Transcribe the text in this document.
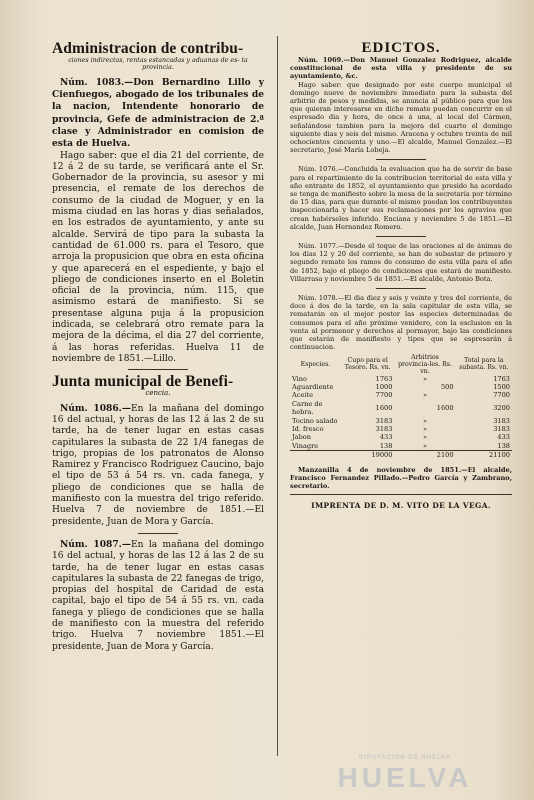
Administracion de contribu-
ciones indirectas, rentas estancadas y aduanas de es- ta provincia.

Núm. 1083.—Don Bernardino Lillo y Cienfuegos, abogado de los tribunales de la nacion, Intendente honorario de provincia, Gefe de administracion de 2.ª clase y Administrador en comision de esta de Huelva.

Hago saber: que el dia 21 del corriente, de 12 á 2 de su tarde, se verificará ante el Sr. Gobernador de la provincia, su asesor y mi presencia, el remate de los derechos de consumo de la ciudad de Moguer, y en la misma ciudad en las horas y dias señalados, en los estrados de ayuntamiento, y ante su alcalde. Servirá de tipo para la subasta la cantidad de 61.000 rs. para el Tesoro, que arroja la propusicion que obra en esta oficina y que aparecerá en el espediente, y bajo el pliego de condiciones inserto en el Boletin oficial de la provincia, núm. 115, que asimismo estará de manifiesto. Si se presentase alguna puja á la propusicion indicada, se celebrará otro remate para la mejora de la décima, el dia 27 del corriente, á las horas referidas. Huelva 11 de noviembre de 1851.—Lillo.

Junta municipal de Benefi-
cencia.

Núm. 1086.—En la mañana del domingo 16 del actual, y horas de las 12 á las 2 de su tarde, ha de tener lugar en estas casas capitulares la subasta de 22 1/4 fanegas de trigo, propias de los patronatos de Alonso Ramirez y Francisco Rodriguez Caucino, bajo el tipo de 53 á 54 rs. vn. cada fanega, y pliego de condiciones que se halla de manifiesto con la muestra del trigo referido. Huelva 7 de noviembre de 1851.—El presidente, Juan de Mora y García.

Núm. 1087.—En la mañana del domingo 16 del actual, y horas de las 12 á las 2 de su tarde, ha de tener lugar en estas casas capitulares la subasta de 22 fanegas de trigo, propias del hospital de Caridad de esta capital, bajo el tipo de 54 á 55 rs. vn. cada fanega y pliego de condiciones que se halla de manifiesto con la muestra del referido trigo. Huelva 7 noviembre 1851.—El presidente, Juan de Mora y García.

EDICTOS.

Núm. 1069.—Don Manuel Gonzalez Rodriguez, alcalde constitucional de esta villa y presidente de su ayuntamiento, &c.

Hago saber: que designado por este cuerpo municipal el domingo nueve de noviembre inmediato para la subasta del arbitrio de pesos y medidas, se anuncia al público para que los que quieran interesarse en dicho remate puedan concurrir en el espresado dia y hora, de once á una, al local del Cármen, señalándose tambien para la mejora del cuarto el domingo siguiente dias y seis del mismo. Aracena y octubre treinta de mil ochocientos cincuenta y uno.—El alcalde, Manuel Gonzalez.—El secretario, José María Lobeja.

Núm. 1076.—Concluida la evaluacion que ha de servir de base para el repartimiento de la contribucion territorial de esta villa y año entrante de 1852, el ayuntamiento que presido ha acordado se tenga de manifiesto sobre la mesa de la secretaría por término de 15 dias, para que durante el mismo puedan los contribuyentes inspeccionarla y hacer sus reclamaciones por los agravios que crean habérseles inferido. Enciana y noviembre 5 de 1851.—El alcalde, Juan Hernandez Romero.

Núm. 1077.—Desde el toque de las oraciones al de ánimas de los dias 12 y 20 del corriente, se han de subastar de primero y segundo remate los ramos de consumo de esta villa para el año de 1852, bajo el pliego de condiciones que estará de manifiesto. Villarrasa y noviembre 5 de 1851.—El alcalde, Antonio Bota.

Núm. 1078.—El dia diez y seis y veinte y tres del corriente, de doce á dos de la tarde, en la sala capitular de esta villa, se rematarán en el mejor postor las especies determinadas de consumos para el año próximo venidero, con la esclusion en la venta al pormenor y derechos al pormayor, bajo las condiciones que estarán de manifiesto y tipos que se espresarán á continuacion.

Especies.	Cupo para el Tesoro. Rs. vn.	Arbitrios provincia-les. Rs. vn.	Total para la subasta. Rs. vn.
Vino	1763	»	1763
Aguardiente	1000	500	1500
Aceite	7700	»	7700
Carne de hebra.	1600	1600	3200
Tocino salado	3183	»	3183
Id. fresco	3183	»	3183
Jabon	433	»	433
Vinagre	138	»	138
	19000	2100	21100

Manzanilla 4 de noviembre de 1851.—El alcalde, Francisco Fernandez Pillado.—Pedro García y Zambrano, secretario.

IMPRENTA DE D. M. VITO DE LA VEGA.
DIPUTACIÓN DE HUELVA
HUELVA
